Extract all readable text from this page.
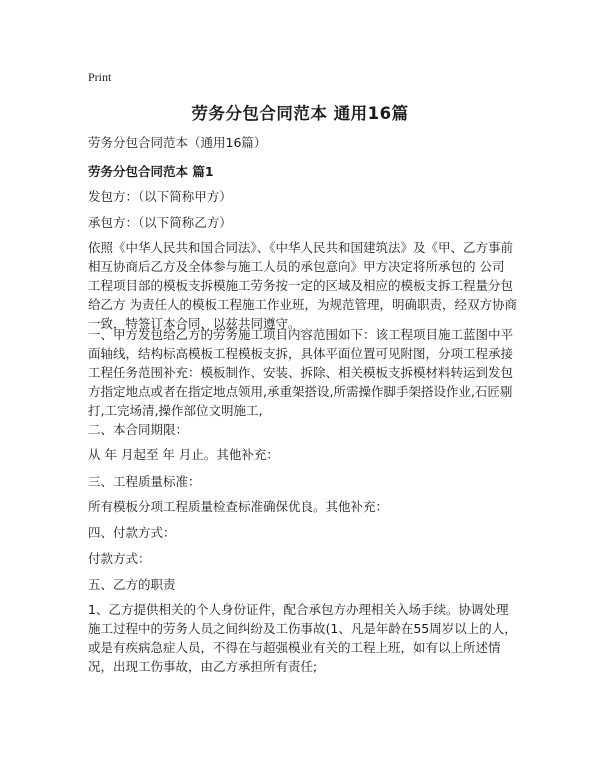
Print
劳务分包合同范本 通用16篇

劳务分包合同范本（通用16篇）

劳务分包合同范本 篇1

发包方：（以下简称甲方）

承包方：（以下简称乙方）

依照《中华人民共和国合同法》、《中华人民共和国建筑法》及《甲、乙方事前相互协商后乙方及全体参与施工人员的承包意向》甲方决定将所承包的 公司 工程项目部的模板支拆模施工劳务按一定的区域及相应的模板支拆工程量分包给乙方 为责任人的模板工程施工作业班，为规范管理，明确职责，经双方协商一致，特签订本合同，以兹共同遵守。

一、甲方发包给乙方的劳务施工项目内容范围如下：该工程项目施工蓝图中平面轴线，结构标高模板工程模板支拆，具体平面位置可见附图，分项工程承接工程任务范围补充：模板制作、安装、拆除、相关模板支拆模材料转运到发包方指定地点或者在指定地点领用,承重架搭设,所需操作脚手架搭设作业,石匠剔打,工完场清,操作部位文明施工,

二、本合同期限：

从 年 月起至 年 月止。其他补充：

三、工程质量标准：

所有模板分项工程质量检查标准确保优良。其他补充：

四、付款方式：

付款方式：

五、乙方的职责

1、乙方提供相关的个人身份证件，配合承包方办理相关入场手续。协调处理施工过程中的劳务人员之间纠纷及工伤事故(1、凡是年龄在55周岁以上的人，或是有疾病急症人员，不得在与超强模业有关的工程上班，如有以上所述情况，出现工伤事故，由乙方承担所有责任;
